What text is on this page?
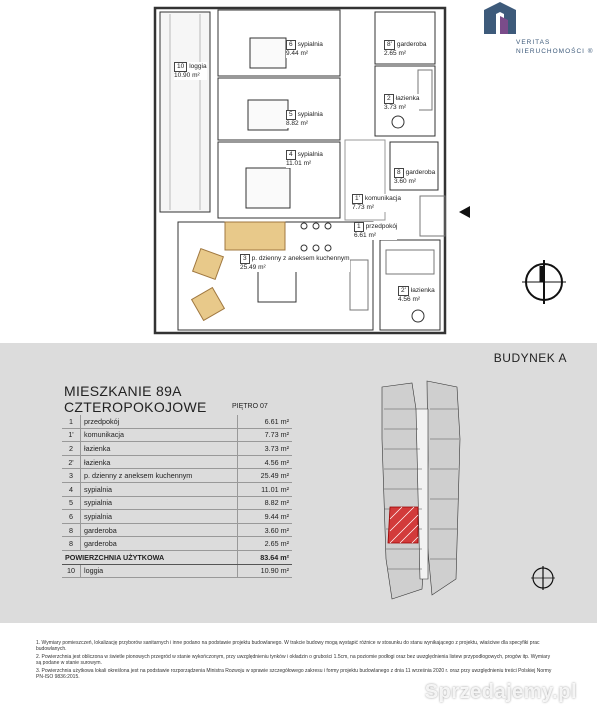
10 loggia
10.90 m²
6 sypialnia
9.44 m²
5 sypialnia
8.82 m²
4 sypialnia
11.01 m²
8' garderoba
2.65 m²
2 łazienka
3.73 m²
8 garderoba
3.60 m²
1' komunikacja
7.73 m²
1 przedpokój
6.61 m²
3 p. dzienny z aneksem kuchennym
25.49 m²
2' łazienka
4.56 m²
VERITAS
NIERUCHOMOŚCI ®
BUDYNEK A
MIESZKANIE 89A
CZTEROPOKOJOWE	PIĘTRO 07
1	przedpokój	6.61 m²
1'	komunikacja	7.73 m²
2	łazienka	3.73 m²
2'	łazienka	4.56 m²
3	p. dzienny z aneksem kuchennym	25.49 m²
4	sypialnia	11.01 m²
5	sypialnia	8.82 m²
6	sypialnia	9.44 m²
8	garderoba	3.60 m²
8	garderoba	2.65 m²
POWIERZCHNIA UŻYTKOWA		83.64 m²
10	loggia	10.90 m²

1. Wymiary pomieszczeń, lokalizację przyborów sanitarnych i inne podano na podstawie projektu budowlanego. W trakcie budowy mogą wystąpić różnice w stosunku do stanu wynikającego z projektu, właściwe dla specyfiki prac budowlanych.

2. Powierzchnia jest obliczona w świetle pionowych przegród w stanie wykończonym, przy uwzględnieniu tynków i okładzin o grubości 1.5cm, na poziomie podłogi oraz bez uwzględnienia listew przypodłogowych, progów itp. Wymiary są podane w stanie surowym.

3. Powierzchnia użytkowa lokali określona jest na podstawie rozporządzenia Ministra Rozwoju w sprawie szczegółowego zakresu i formy projektu budowlanego z dnia 11 września 2020 r. oraz przy uwzględnieniu treści Polskiej Normy PN-ISO 9836:2015.

Sprzedajemy.pl
